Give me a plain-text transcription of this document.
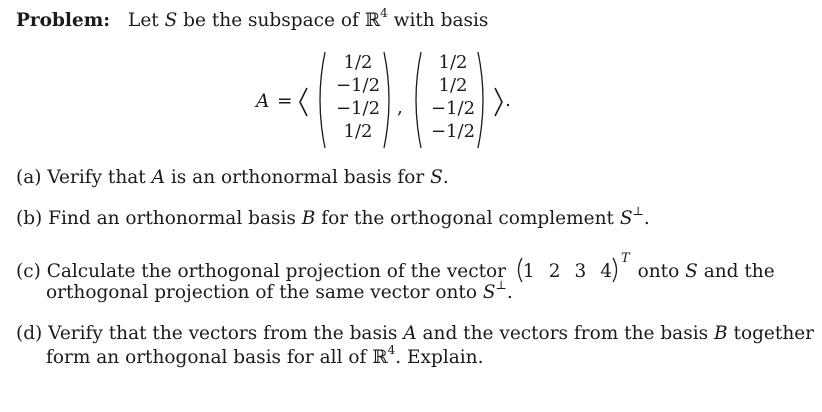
Problem: Let S be the subspace of ℝ$^4$ with basis
A =
1/2
−1/2
−1/2
1/2
,
1/2
1/2
−1/2
−1/2
.
(a) Verify that A is an orthonormal basis for S.
(b) Find an orthonormal basis B for the orthogonal complement S⊥.
(c) Calculate the orthogonal projection of the vector 1 2 3 $4^T$ onto S and the
orthogonal projection of the same vector onto S⊥.
(d) Verify that the vectors from the basis A and the vectors from the basis B together
form an orthogonal basis for all of ℝ$^4$. Explain.
